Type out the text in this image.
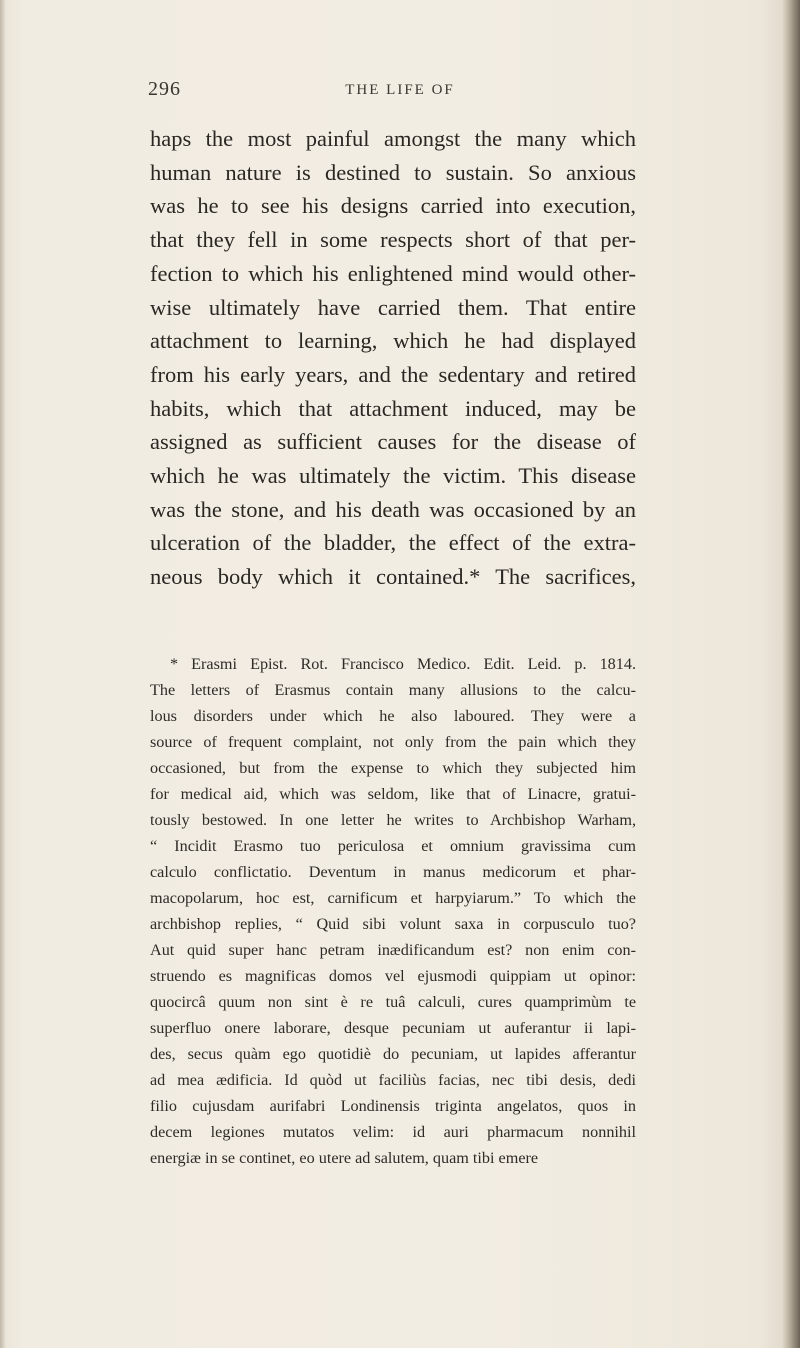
296	THE LIFE OF
haps the most painful amongst the many which
human nature is destined to sustain. So anxious
was he to see his designs carried into execution,
that they fell in some respects short of that per-
fection to which his enlightened mind would other-
wise ultimately have carried them. That entire
attachment to learning, which he had displayed
from his early years, and the sedentary and retired
habits, which that attachment induced, may be
assigned as sufficient causes for the disease of
which he was ultimately the victim. This disease
was the stone, and his death was occasioned by an
ulceration of the bladder, the effect of the extra-
neous body which it contained.* The sacrifices,
* Erasmi Epist. Rot. Francisco Medico. Edit. Leid. p. 1814.
The letters of Erasmus contain many allusions to the calcu-
lous disorders under which he also laboured. They were a
source of frequent complaint, not only from the pain which they
occasioned, but from the expense to which they subjected him
for medical aid, which was seldom, like that of Linacre, gratui-
tously bestowed. In one letter he writes to Archbishop Warham,
“ Incidit Erasmo tuo periculosa et omnium gravissima cum
calculo conflictatio. Deventum in manus medicorum et phar-
macopolarum, hoc est, carnificum et harpyiarum.” To which the
archbishop replies, “ Quid sibi volunt saxa in corpusculo tuo?
Aut quid super hanc petram inædificandum est? non enim con-
struendo es magnificas domos vel ejusmodi quippiam ut opinor:
quocircâ quum non sint è re tuâ calculi, cures quamprimùm te
superfluo onere laborare, desque pecuniam ut auferantur ii lapi-
des, secus quàm ego quotidiè do pecuniam, ut lapides afferantur
ad mea ædificia. Id quòd ut faciliùs facias, nec tibi desis, dedi
filio cujusdam aurifabri Londinensis triginta angelatos, quos in
decem legiones mutatos velim: id auri pharmacum nonnihil
energiæ in se continet, eo utere ad salutem, quam tibi emere
